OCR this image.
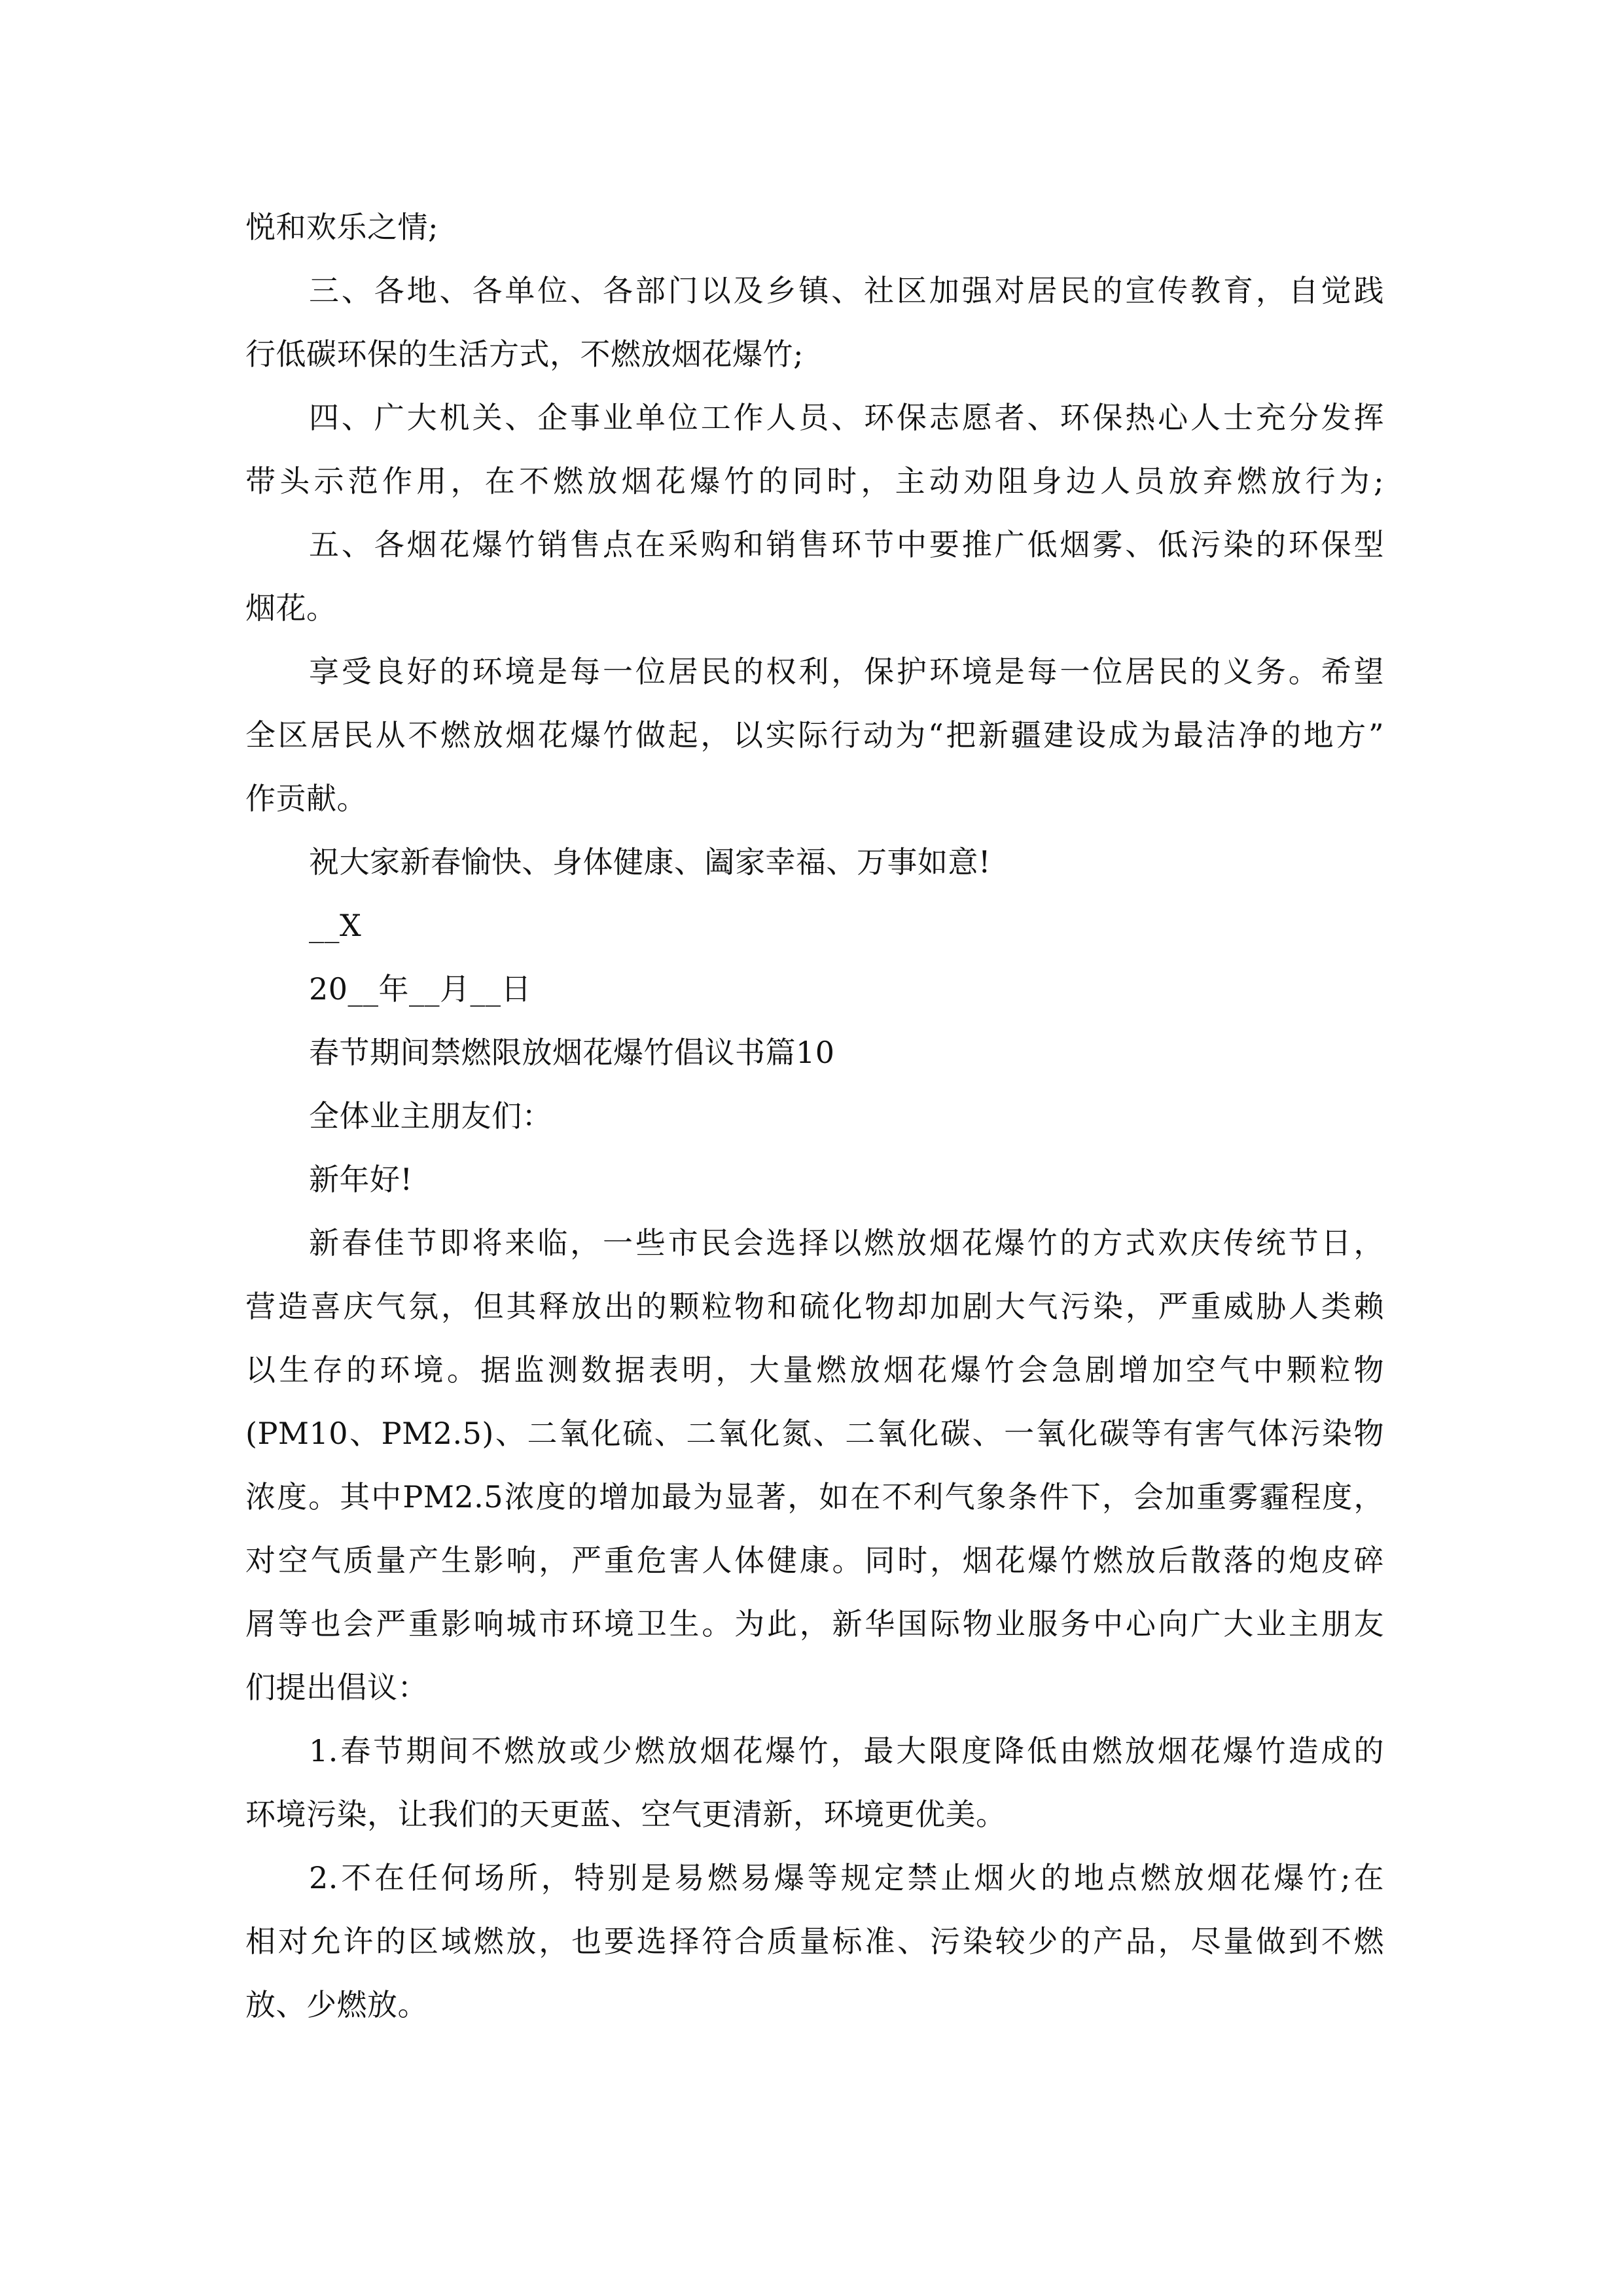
悦和欢乐之情;
三、各地、各单位、各部门以及乡镇、社区加强对居民的宣传教育，自觉践
行低碳环保的生活方式，不燃放烟花爆竹;
四、广大机关、企事业单位工作人员、环保志愿者、环保热心人士充分发挥
带头示范作用，在不燃放烟花爆竹的同时，主动劝阻身边人员放弃燃放行为;
五、各烟花爆竹销售点在采购和销售环节中要推广低烟雾、低污染的环保型
烟花。
享受良好的环境是每一位居民的权利，保护环境是每一位居民的义务。希望
全区居民从不燃放烟花爆竹做起，以实际行动为“把新疆建设成为最洁净的地方”
作贡献。
祝大家新春愉快、身体健康、阖家幸福、万事如意!
__X
20__年__月__日
春节期间禁燃限放烟花爆竹倡议书篇10
全体业主朋友们：
新年好!
新春佳节即将来临，一些市民会选择以燃放烟花爆竹的方式欢庆传统节日，
营造喜庆气氛，但其释放出的颗粒物和硫化物却加剧大气污染，严重威胁人类赖
以生存的环境。据监测数据表明，大量燃放烟花爆竹会急剧增加空气中颗粒物
(PM10、PM2.5)、二氧化硫、二氧化氮、二氧化碳、一氧化碳等有害气体污染物
浓度。其中PM2.5浓度的增加最为显著，如在不利气象条件下，会加重雾霾程度，
对空气质量产生影响，严重危害人体健康。同时，烟花爆竹燃放后散落的炮皮碎
屑等也会严重影响城市环境卫生。为此，新华国际物业服务中心向广大业主朋友
们提出倡议：
1.春节期间不燃放或少燃放烟花爆竹，最大限度降低由燃放烟花爆竹造成的
环境污染，让我们的天更蓝、空气更清新，环境更优美。
2.不在任何场所，特别是易燃易爆等规定禁止烟火的地点燃放烟花爆竹;在
相对允许的区域燃放，也要选择符合质量标准、污染较少的产品，尽量做到不燃
放、少燃放。
